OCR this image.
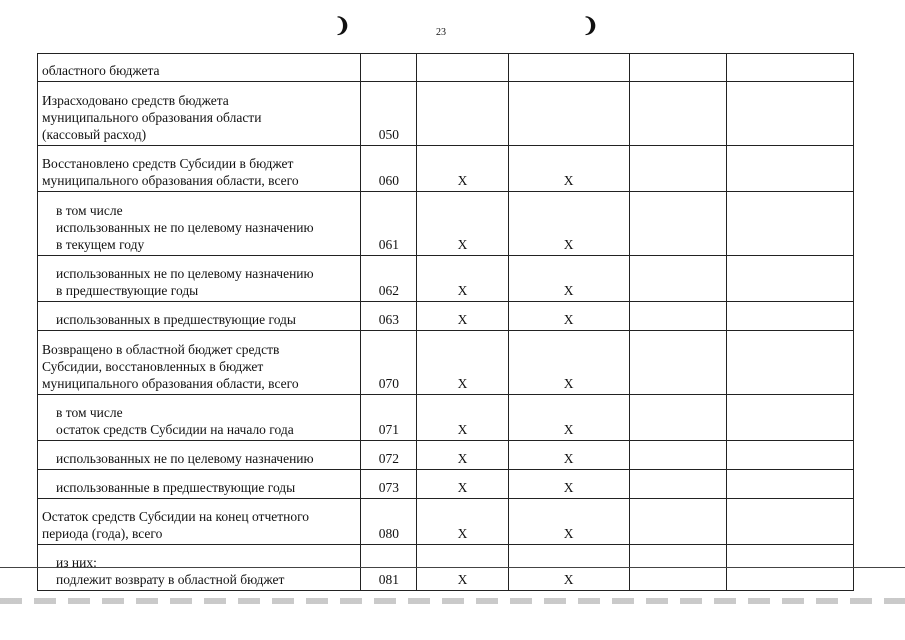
❩	23	❩
областного бюджета					

Израсходовано средств бюджета
муниципального образования области
(кассовый расход)	050				

Восстановлено средств Субсидии в бюджет
муниципального образования области, всего	060	X	X		

в том числе
использованных не по целевому назначению
в текущем году	061	X	X		

использованных не по целевому назначению
в предшествующие годы	062	X	X		

использованных в предшествующие годы	063	X	X		

Возвращено в областной бюджет средств
Субсидии, восстановленных в бюджет
муниципального образования области, всего	070	X	X		

в том числе
остаток средств Субсидии на начало года	071	X	X		

использованных не по целевому назначению	072	X	X		

использованные в предшествующие годы	073	X	X		

Остаток средств Субсидии на конец отчетного
периода (года), всего	080	X	X		

из них:
подлежит возврату в областной бюджет	081	X	X		
